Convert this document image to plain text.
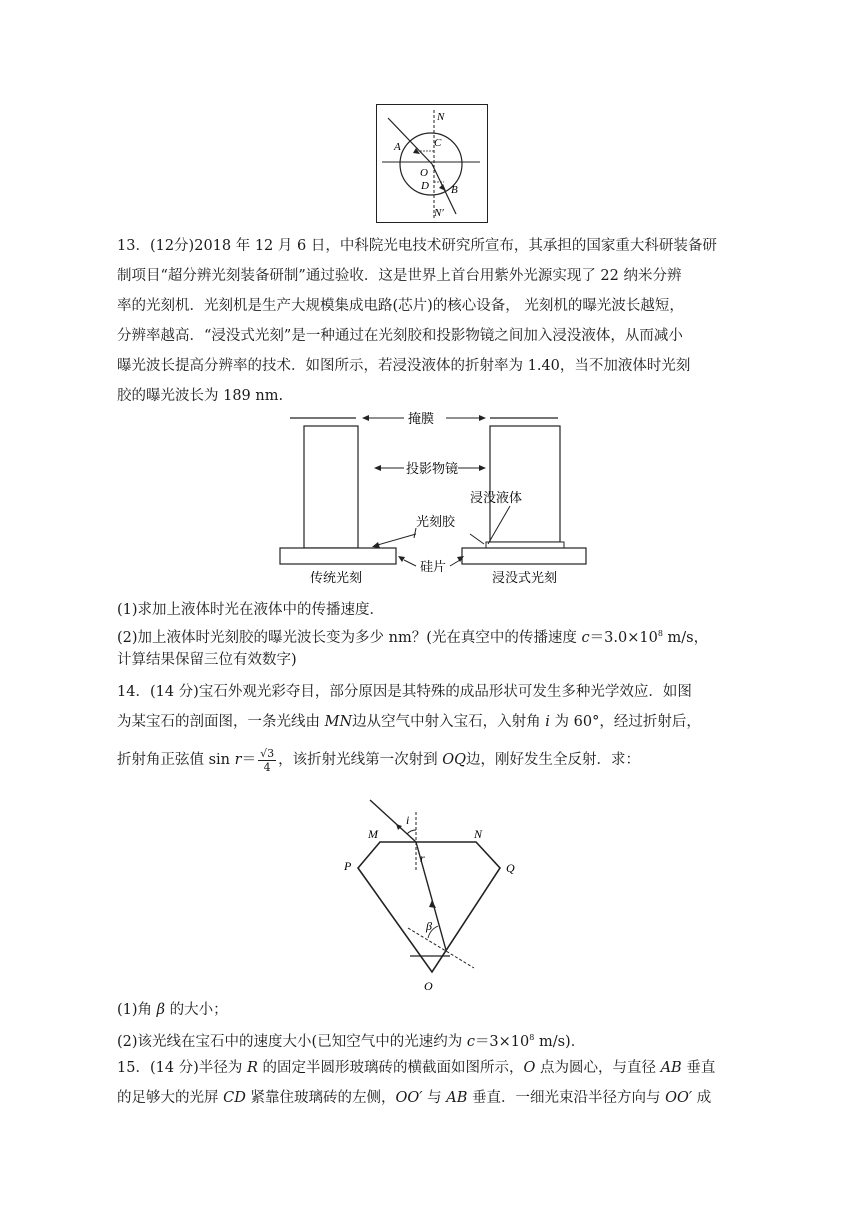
N
A	C
O
D B
N′
13．(12分)2018 年 12 月 6 日，中科院光电技术研究所宣布，其承担的国家重大科研装备研
制项目“超分辨光刻装备研制”通过验收．这是世界上首台用紫外光源实现了 22 纳米分辨
率的光刻机．光刻机是生产大规模集成电路(芯片)的核心设备， 光刻机的曝光波长越短，
分辨率越高．“浸没式光刻”是一种通过在光刻胶和投影物镜之间加入浸没液体，从而减小
曝光波长提高分辨率的技术．如图所示，若浸没液体的折射率为 1.40，当不加液体时光刻
胶的曝光波长为 189 nm.
掩膜
投影物镜
浸没液体
光刻胶
硅片
传统光刻	浸没式光刻
(1)求加上液体时光在液体中的传播速度．
(2)加上液体时光刻胶的曝光波长变为多少 nm？(光在真空中的传播速度 $c=3.0\times 10^8$ m/s，
计算结果保留三位有效数字)
14．(14 分)宝石外观光彩夺目，部分原因是其特殊的成品形状可发生多种光学效应．如图
为某宝石的剖面图，一条光线由 MN边从空气中射入宝石，入射角 i 为 60°，经过折射后，
折射角正弦值 $\sin r= \frac{√3}{4}$ ，该折射光线第一次射到 OQ边，刚好发生全反射．求：
M	N
P	Q
O
i
r
β
(1)角 β 的大小；
(2)该光线在宝石中的速度大小(已知空气中的光速约为 $c=3\times 10^8$ m/s)．
15．(14 分)半径为 R 的固定半圆形玻璃砖的横截面如图所示，O 点为圆心，与直径 AB 垂直
的足够大的光屏 CD 紧靠住玻璃砖的左侧，OO′ 与 AB 垂直．一细光束沿半径方向与 OO′ 成
